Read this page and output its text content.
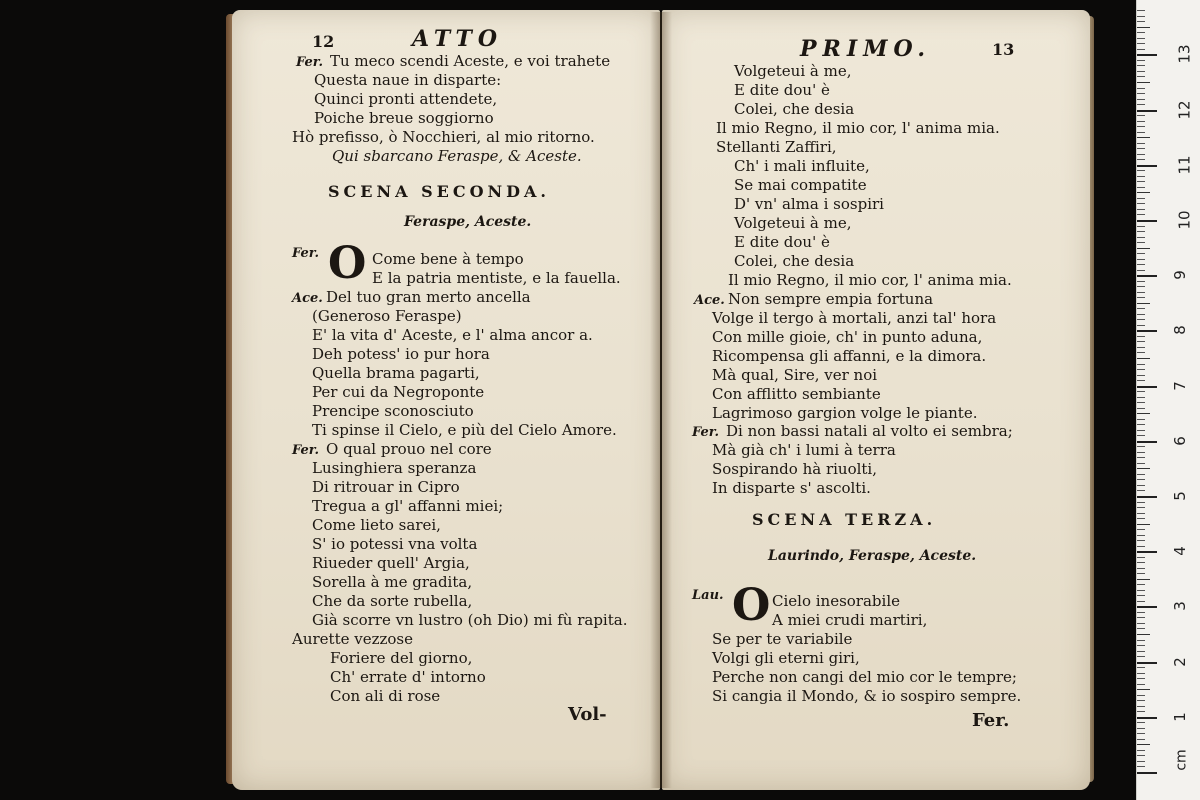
12	ATTO
Fer. Tu meco scendi Aceste, e voi trahete
Questa naue in disparte:
Quinci pronti attendete,
Poiche breue soggiorno
Hò prefisso, ò Nocchieri, al mio ritorno.
Qui sbarcano Feraspe, & Aceste.
SCENA SECONDA.
Feraspe, Aceste.
Fer. O Come bene à tempo
E la patria mentiste, e la fauella.
Ace. Del tuo gran merto ancella
(Generoso Feraspe)
E' la vita d' Aceste, e l' alma ancor a.
Deh potess' io pur hora
Quella brama pagarti,
Per cui da Negroponte
Prencipe sconosciuto
Ti spinse il Cielo, e più del Cielo Amore.
Fer. O qual prouo nel core
Lusinghiera speranza
Di ritrouar in Cipro
Tregua a gl' affanni miei;
Come lieto sarei,
S' io potessi vna volta
Riueder quell' Argia,
Sorella à me gradita,
Che da sorte rubella,
Già scorre vn lustro (oh Dio) mi fù rapita.
Aurette vezzose
Foriere del giorno,
Ch' errate d' intorno
Con ali di rose
Vol-
PRIMO.	13
Volgeteui à me,
E dite dou' è
Colei, che desia
Il mio Regno, il mio cor, l' anima mia.
Stellanti Zaffiri,
Ch' i mali influite,
Se mai compatite
D' vn' alma i sospiri
Volgeteui à me,
E dite dou' è
Colei, che desia
Il mio Regno, il mio cor, l' anima mia.
Ace. Non sempre empia fortuna
Volge il tergo à mortali, anzi tal' hora
Con mille gioie, ch' in punto aduna,
Ricompensa gli affanni, e la dimora.
Mà qual, Sire, ver noi
Con afflitto sembiante
Lagrimoso gargion volge le piante.
Fer. Di non bassi natali al volto ei sembra;
Mà già ch' i lumi à terra
Sospirando hà riuolti,
In disparte s' ascolti.
SCENA TERZA.
Laurindo, Feraspe, Aceste.
Lau. O Cielo inesorabile
A miei crudi martiri,
Se per te variabile
Volgi gli eterni giri,
Perche non cangi del mio cor le tempre;
Si cangia il Mondo, & io sospiro sempre.
Fer.
cm
1
2
3
4
5
6
7
8
9
10
11
12
13
